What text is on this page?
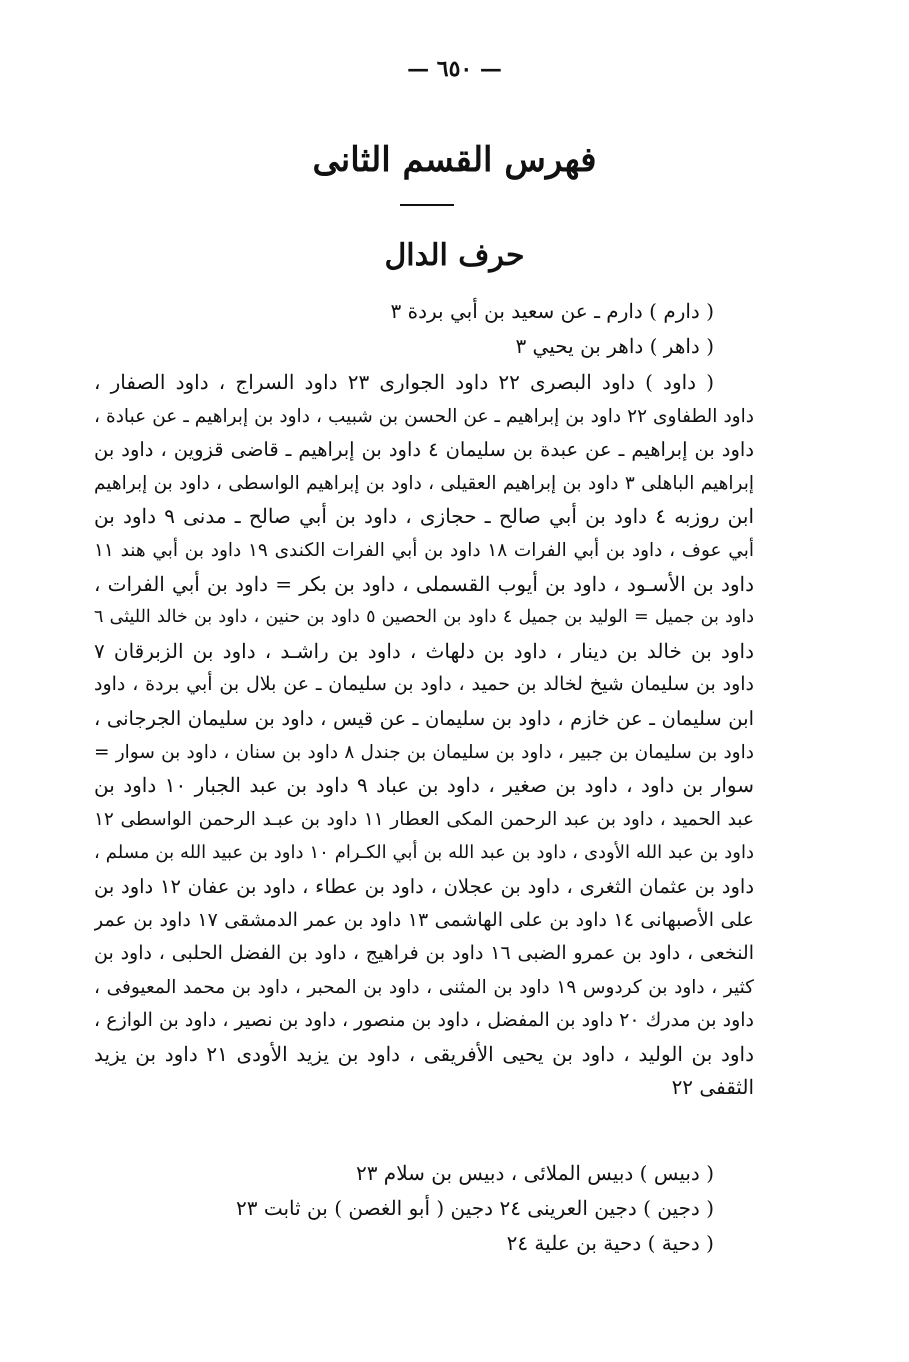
— ٦٥٠ —
فهرس القسم الثانى
حرف الدال
( دارم ) دارم ـ عن سعيد بن أبي بردة ٣
( داهر ) داهر بن يحيي ٣
( داود ) داود البصرى ٢٢ داود الجوارى ٢٣ داود السراج ، داود الصفار ،
داود الطفاوى ٢٢ داود بن إبراهيم ـ عن الحسن بن شبيب ، داود بن إبراهيم ـ عن عبادة ،
داود بن إبراهيم ـ عن عبدة بن سليمان ٤ داود بن إبراهيم ـ قاضى قزوين ، داود بن
إبراهيم الباهلى ٣ داود بن إبراهيم العقيلى ، داود بن إبراهيم الواسطى ، داود بن إبراهيم
ابن روزبه ٤ داود بن أبي صالح ـ حجازى ، داود بن أبي صالح ـ مدنى ٩ داود بن
أبي عوف ، داود بن أبي الفرات ١٨ داود بن أبي الفرات الكندى ١٩ داود بن أبي هند ١١
داود بن الأسـود ، داود بن أيوب القسملى ، داود بن بكر = داود بن أبي الفرات ،
داود بن جميل = الوليد بن جميل ٤ داود بن الحصين ٥ داود بن حنين ، داود بن خالد الليثى ٦
داود بن خالد بن دينار ، داود بن دلهاث ، داود بن راشـد ، داود بن الزبرقان ٧
داود بن سليمان شيخ لخالد بن حميد ، داود بن سليمان ـ عن بلال بن أبي بردة ، داود
ابن سليمان ـ عن خازم ، داود بن سليمان ـ عن قيس ، داود بن سليمان الجرجانى ،
داود بن سليمان بن جبير ، داود بن سليمان بن جندل ٨ داود بن سنان ، داود بن سوار =
سوار بن داود ، داود بن صغير ، داود بن عباد ٩ داود بن عبد الجبار ١٠ داود بن
عبد الحميد ، داود بن عبد الرحمن المكى العطار ١١ داود بن عبـد الرحمن الواسطى ١٢
داود بن عبد الله الأودى ، داود بن عبد الله بن أبي الكـرام ١٠ داود بن عبيد الله بن مسلم ،
داود بن عثمان الثغرى ، داود بن عجلان ، داود بن عطاء ، داود بن عفان ١٢ داود بن
على الأصبهانى ١٤ داود بن على الهاشمى ١٣ داود بن عمر الدمشقى ١٧ داود بن عمر
النخعى ، داود بن عمرو الضبى ١٦ داود بن فراهيج ، داود بن الفضل الحلبى ، داود بن
كثير ، داود بن كردوس ١٩ داود بن المثنى ، داود بن المحبر ، داود بن محمد المعيوفى ،
داود بن مدرك ٢٠ داود بن المفضل ، داود بن منصور ، داود بن نصير ، داود بن الوازع ،
داود بن الوليد ، داود بن يحيى الأفريقى ، داود بن يزيد الأودى ٢١ داود بن يزيد
الثقفى ٢٢
( دبيس ) دبيس الملائى ، دبيس بن سلام ٢٣
( دجين ) دجين العرينى ٢٤ دجين ( أبو الغصن ) بن ثابت ٢٣
( دحية ) دحية بن علية ٢٤
